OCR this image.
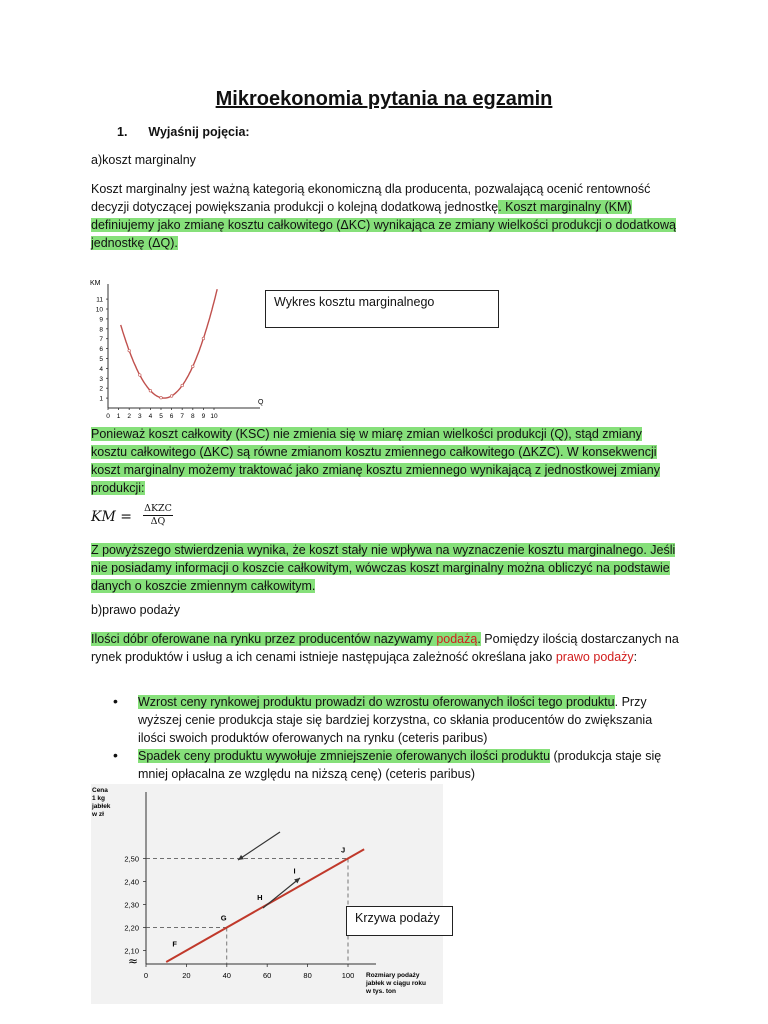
Mikroekonomia pytania na egzamin
1. Wyjaśnij pojęcia:
a)koszt marginalny
Koszt marginalny jest ważną kategorią ekonomiczną dla producenta, pozwalającą ocenić rentowność decyzji dotyczącej powiększania produkcji o kolejną dodatkową jednostkę. Koszt marginalny (KM) definiujemy jako zmianę kosztu całkowitego (ΔKC) wynikająca ze zmiany wielkości produkcji o dodatkową jednostkę (ΔQ).
KM
Q
11
10
9
8
7
6
5
4
3
2
1
0 1 2 3 4 5 6 7 8 9 10
Wykres kosztu marginalnego
Ponieważ koszt całkowity (KSC) nie zmienia się w miarę zmian wielkości produkcji (Q), stąd zmiany kosztu całkowitego (ΔKC) są równe zmianom kosztu zmiennego całkowitego (ΔKZC). W konsekwencji koszt marginalny możemy traktować jako zmianę kosztu zmiennego wynikającą z jednostkowej zmiany produkcji:
KM =
ΔKZC
ΔQ
Z powyższego stwierdzenia wynika, że koszt stały nie wpływa na wyznaczenie kosztu marginalnego. Jeśli nie posiadamy informacji o koszcie całkowitym, wówczas koszt marginalny można obliczyć na podstawie danych o koszcie zmiennym całkowitym.
b)prawo podaży
Ilości dóbr oferowane na rynku przez producentów nazywamy podażą. Pomiędzy ilością dostarczanych na rynek produktów i usług a ich cenami istnieje następująca zależność określana jako prawo podaży:
• Wzrost ceny rynkowej produktu prowadzi do wzrostu oferowanych ilości tego produktu. Przy wyższej cenie produkcja staje się bardziej korzystna, co skłania producentów do zwiększania ilości swoich produktów oferowanych na rynku (ceteris paribus)
• Spadek ceny produktu wywołuje zmniejszenie oferowanych ilości produktu (produkcja staje się mniej opłacalna ze względu na niższą cenę) (ceteris paribus)
Cena
1 kg
jabłek
w zł
Rozmiary podaży
jabłek w ciągu roku
w tys. ton
2,50
2,40
2,30
2,20
2,10
≈
0	20	40	60	80	100
F
G
H
I
J
Krzywa podaży
